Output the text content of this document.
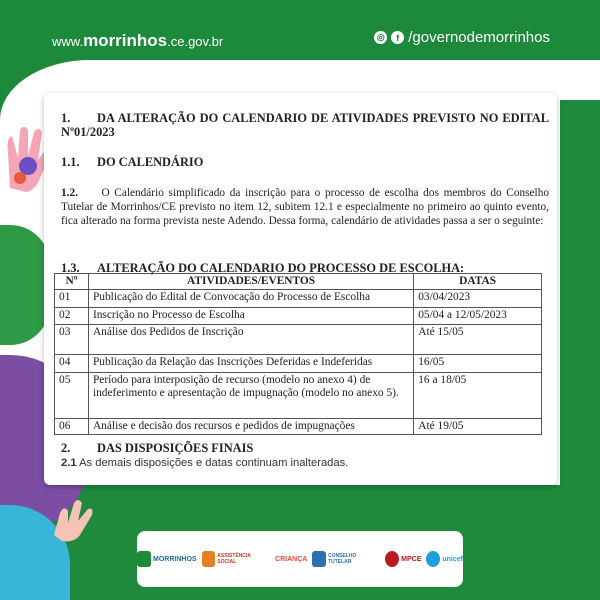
www.morrinhos.ce.gov.br	◎	f /governodemorrinhos
1. DA ALTERAÇÃO DO CALENDARIO DE ATIVIDADES PREVISTO NO EDITAL Nº01/2023
1.1. DO CALENDÁRIO
1.2. O Calendário simplificado da inscrição para o processo de escolha dos membros do Conselho Tutelar de Morrinhos/CE previsto no item 12, subitem 12.1 e especialmente no primeiro ao quinto evento, fica alterado na forma prevista neste Adendo. Dessa forma, calendário de atividades passa a ser o seguinte:
1.3. ALTERAÇÃO DO CALENDARIO DO PROCESSO DE ESCOLHA:
Nº	ATIVIDADES/EVENTOS	DATAS
01	Publicação do Edital de Convocação do Processo de Escolha	03/04/2023
02	Inscrição no Processo de Escolha	05/04 a 12/05/2023
03	Análise dos Pedidos de Inscrição	Até 15/05
04	Publicação da Relação das Inscrições Deferidas e Indeferidas	16/05
05	Período para interposição de recurso (modelo no anexo 4) de indeferimento e apresentação de impugnação (modelo no anexo 5).	16 a 18/05
06	Análise e decisão dos recursos e pedidos de impugnações	Até 19/05
2. DAS DISPOSIÇÕES FINAIS
2.1 As demais disposições e datas continuam inalteradas.
MORRINHOS	ASSISTÊNCIA SOCIAL	CRIANÇA	CONSELHO TUTELAR	MPCE	unicef
